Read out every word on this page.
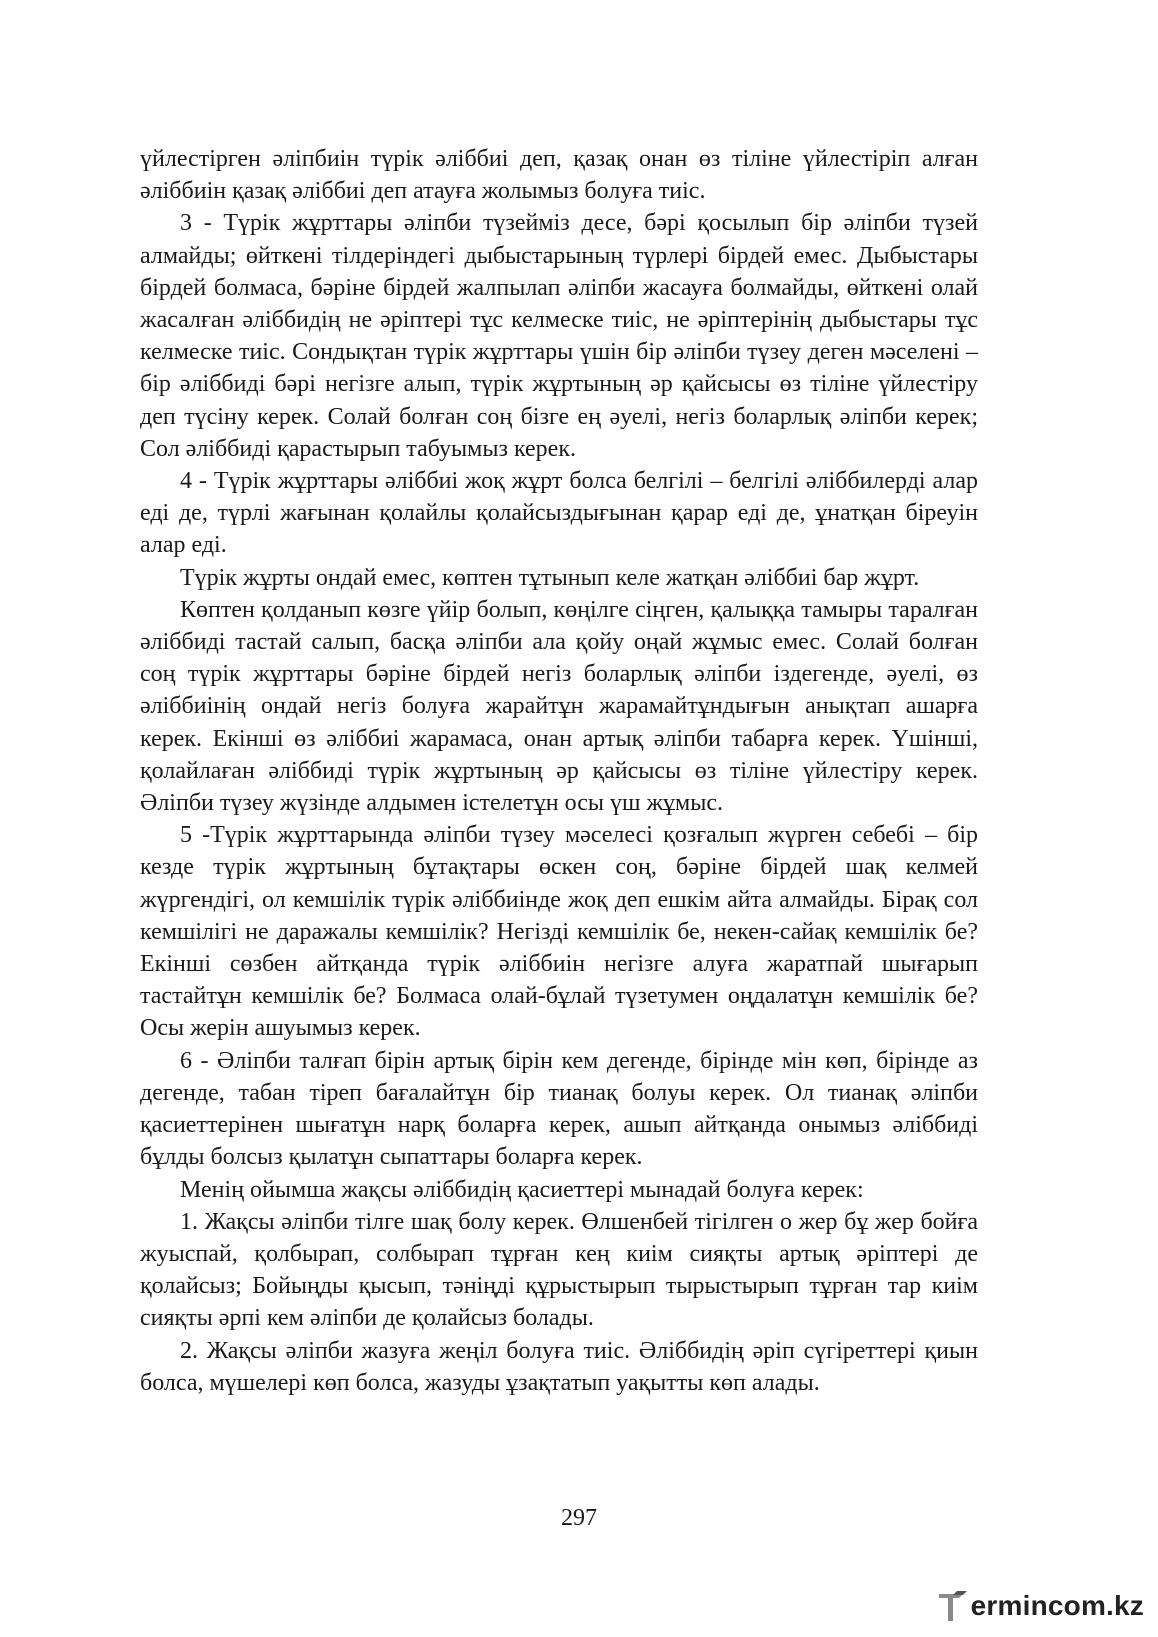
үйлестірген әліпбиін түрік әліббиі деп, қазақ онан өз тіліне үйлестіріп алған әліббиін қазақ әліббиі деп атауға жолымыз болуға тиіс.

3 - Түрік жұрттары әліпби түзейміз десе, бәрі қосылып бір әліпби түзей алмайды; өйткені тілдеріндегі дыбыстарының түрлері бірдей емес. Дыбыстары бірдей болмаса, бәріне бірдей жалпылап әліпби жасауға болмайды, өйткені олай жасалған әліббидің не әріптері тұс келмеске тиіс, не әріптерінің дыбыстары тұс келмеске тиіс. Сондықтан түрік жұрттары үшін бір әліпби түзеу деген мәселені – бір әліббиді бәрі негізге алып, түрік жұртының әр қайсысы өз тіліне үйлестіру деп түсіну керек. Солай болған соң бізге ең әуелі, негіз боларлық әліпби керек; Сол әліббиді қарастырып табуымыз керек.

4 - Түрік жұрттары әліббиі жоқ жұрт болса белгілі – белгілі әліббилерді алар еді де, түрлі жағынан қолайлы қолайсыздығынан қарар еді де, ұнатқан біреуін алар еді.

Түрік жұрты ондай емес, көптен тұтынып келе жатқан әліббиі бар жұрт.

Көптен қолданып көзге үйір болып, көңілге сіңген, қалыққа тамыры таралған әліббиді тастай салып, басқа әліпби ала қойу оңай жұмыс емес. Солай болған соң түрік жұрттары бәріне бірдей негіз боларлық әліпби іздегенде, әуелі, өз әліббиінің ондай негіз болуға жарайтұн жарамайтұндығын анықтап ашарға керек. Екінші өз әліббиі жарамаса, онан артық әліпби табарға керек. Үшінші, қолайлаған әліббиді түрік жұртының әр қайсысы өз тіліне үйлестіру керек. Әліпби түзеу жүзінде алдымен істелетұн осы үш жұмыс.

5 -Түрік жұрттарында әліпби түзеу мәселесі қозғалып жүрген себебі – бір кезде түрік жұртының бұтақтары өскен соң, бәріне бірдей шақ келмей жүргендігі, ол кемшілік түрік әліббиінде жоқ деп ешкім айта алмайды. Бірақ сол кемшілігі не даражалы кемшілік? Негізді кемшілік бе, некен-сайақ кемшілік бе? Екінші сөзбен айтқанда түрік әліббиін негізге алуға жаратпай шығарып тастайтұн кемшілік бе? Болмаса олай-бұлай түзетумен оңдалатұн кемшілік бе? Осы жерін ашуымыз керек.

6 - Әліпби талғап бірін артық бірін кем дегенде, бірінде мін көп, бірінде аз дегенде, табан тіреп бағалайтұн бір тианақ болуы керек. Ол тианақ әліпби қасиеттерінен шығатұн нарқ боларға керек, ашып айтқанда онымыз әліббиді бұлды болсыз қылатұн сыпаттары боларға керек.

Менің ойымша жақсы әліббидің қасиеттері мынадай болуға керек:

1. Жақсы әліпби тілге шақ болу керек. Өлшенбей тігілген о жер бұ жер бойға жуыспай, қолбырап, солбырап тұрған кең киім сияқты артық әріптері де қолайсыз; Бойыңды қысып, тәніңді құрыстырып тырыстырып тұрған тар киім сияқты әрпі кем әліпби де қолайсыз болады.

2. Жақсы әліпби жазуға жеңіл болуға тиіс. Әліббидің әріп сүгіреттері қиын болса, мүшелері көп болса, жазуды ұзақтатып уақытты көп алады.

297
ermincom .kz
